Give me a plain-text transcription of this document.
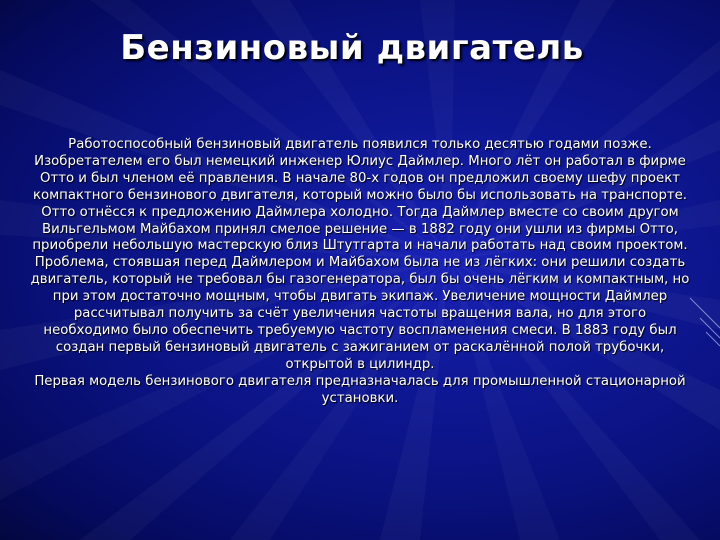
Бензиновый двигатель

Работоспособный бензиновый двигатель появился только десятью годами позже. Изобретателем его был немецкий инженер Юлиус Даймлер. Много лёт он работал в фирме Отто и был членом её правления. В начале 80-х годов он предложил своему шефу проект компактного бензинового двигателя, который можно было бы использовать на транспорте. Отто отнёсся к предложению Даймлера холодно. Тогда Даймлер вместе со своим другом Вильгельмом Майбахом принял смелое решение — в 1882 году они ушли из фирмы Отто, приобрели небольшую мастерскую близ Штутгарта и начали работать над своим проектом.

Проблема, стоявшая перед Даймлером и Майбахом была не из лёгких: они решили создать двигатель, который не требовал бы газогенератора, был бы очень лёгким и компактным, но при этом достаточно мощным, чтобы двигать экипаж. Увеличение мощности Даймлер рассчитывал получить за счёт увеличения частоты вращения вала, но для этого необходимо было обеспечить требуемую частоту воспламенения смеси. В 1883 году был создан первый бензиновый двигатель с зажиганием от раскалённой полой трубочки, открытой в цилиндр.

Первая модель бензинового двигателя предназначалась для промышленной стационарной установки.
